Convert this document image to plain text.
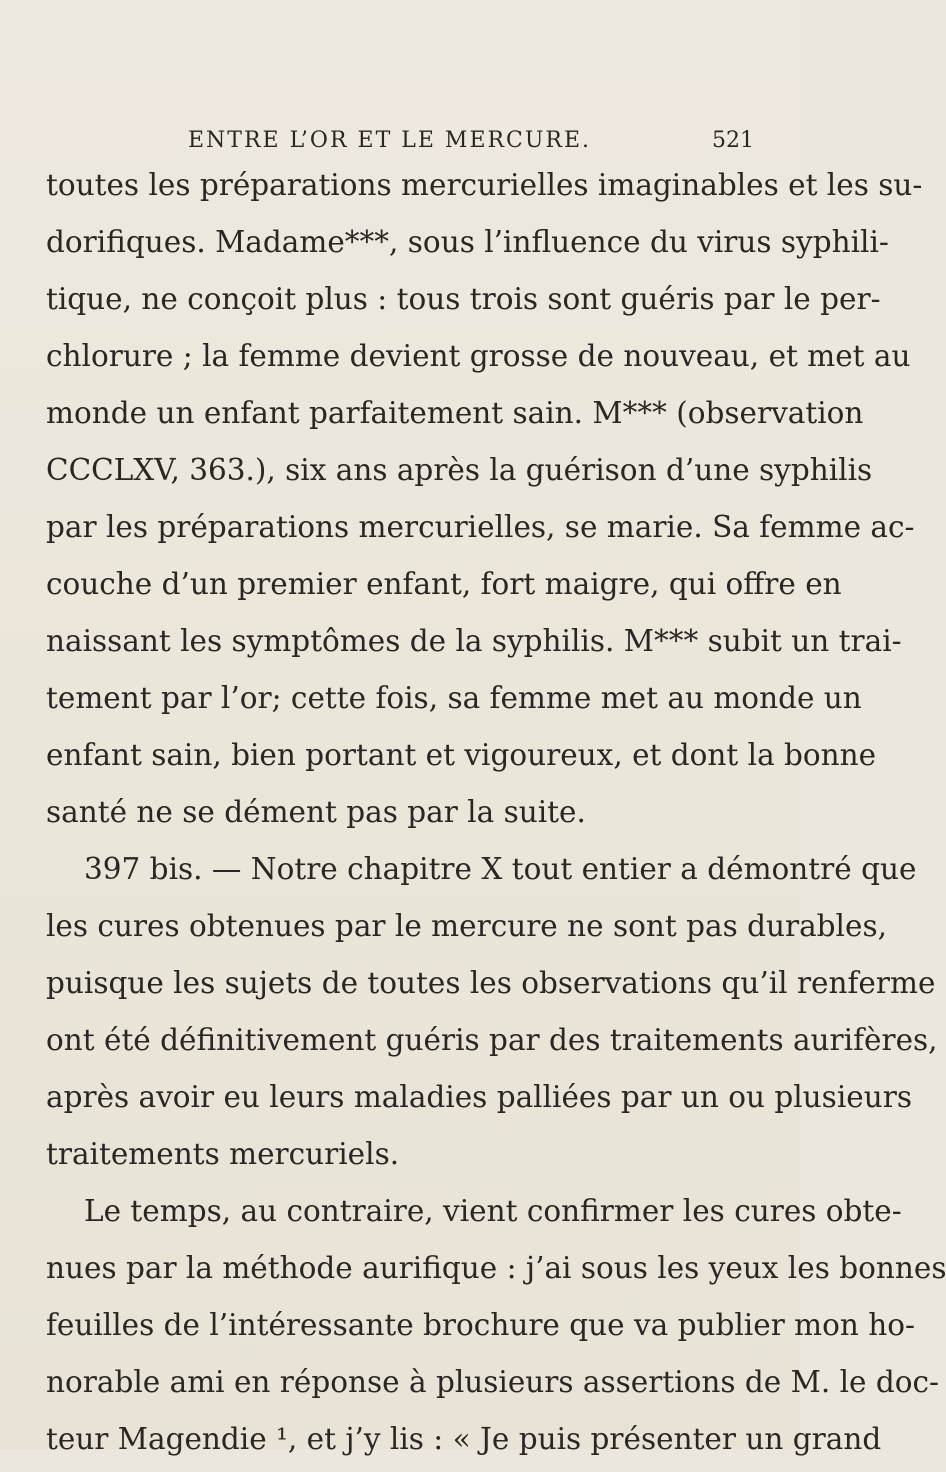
ENTRE L’OR ET LE MERCURE.	521
toutes les préparations mercurielles imaginables et les su-
dorifiques. Madame***, sous l’influence du virus syphili-
tique, ne conçoit plus : tous trois sont guéris par le per-
chlorure ; la femme devient grosse de nouveau, et met au
monde un enfant parfaitement sain. M*** (observation
CCCLXV, 363.), six ans après la guérison d’une syphilis
par les préparations mercurielles, se marie. Sa femme ac-
couche d’un premier enfant, fort maigre, qui offre en
naissant les symptômes de la syphilis. M*** subit un trai-
tement par l’or; cette fois, sa femme met au monde un
enfant sain, bien portant et vigoureux, et dont la bonne
santé ne se dément pas par la suite.
397 bis. — Notre chapitre X tout entier a démontré que
les cures obtenues par le mercure ne sont pas durables,
puisque les sujets de toutes les observations qu’il renferme
ont été définitivement guéris par des traitements aurifères,
après avoir eu leurs maladies palliées par un ou plusieurs
traitements mercuriels.
Le temps, au contraire, vient confirmer les cures obte-
nues par la méthode aurifique : j’ai sous les yeux les bonnes
feuilles de l’intéressante brochure que va publier mon ho-
norable ami en réponse à plusieurs assertions de M. le doc-
teur Magendie ¹, et j’y lis : « Je puis présenter un grand
